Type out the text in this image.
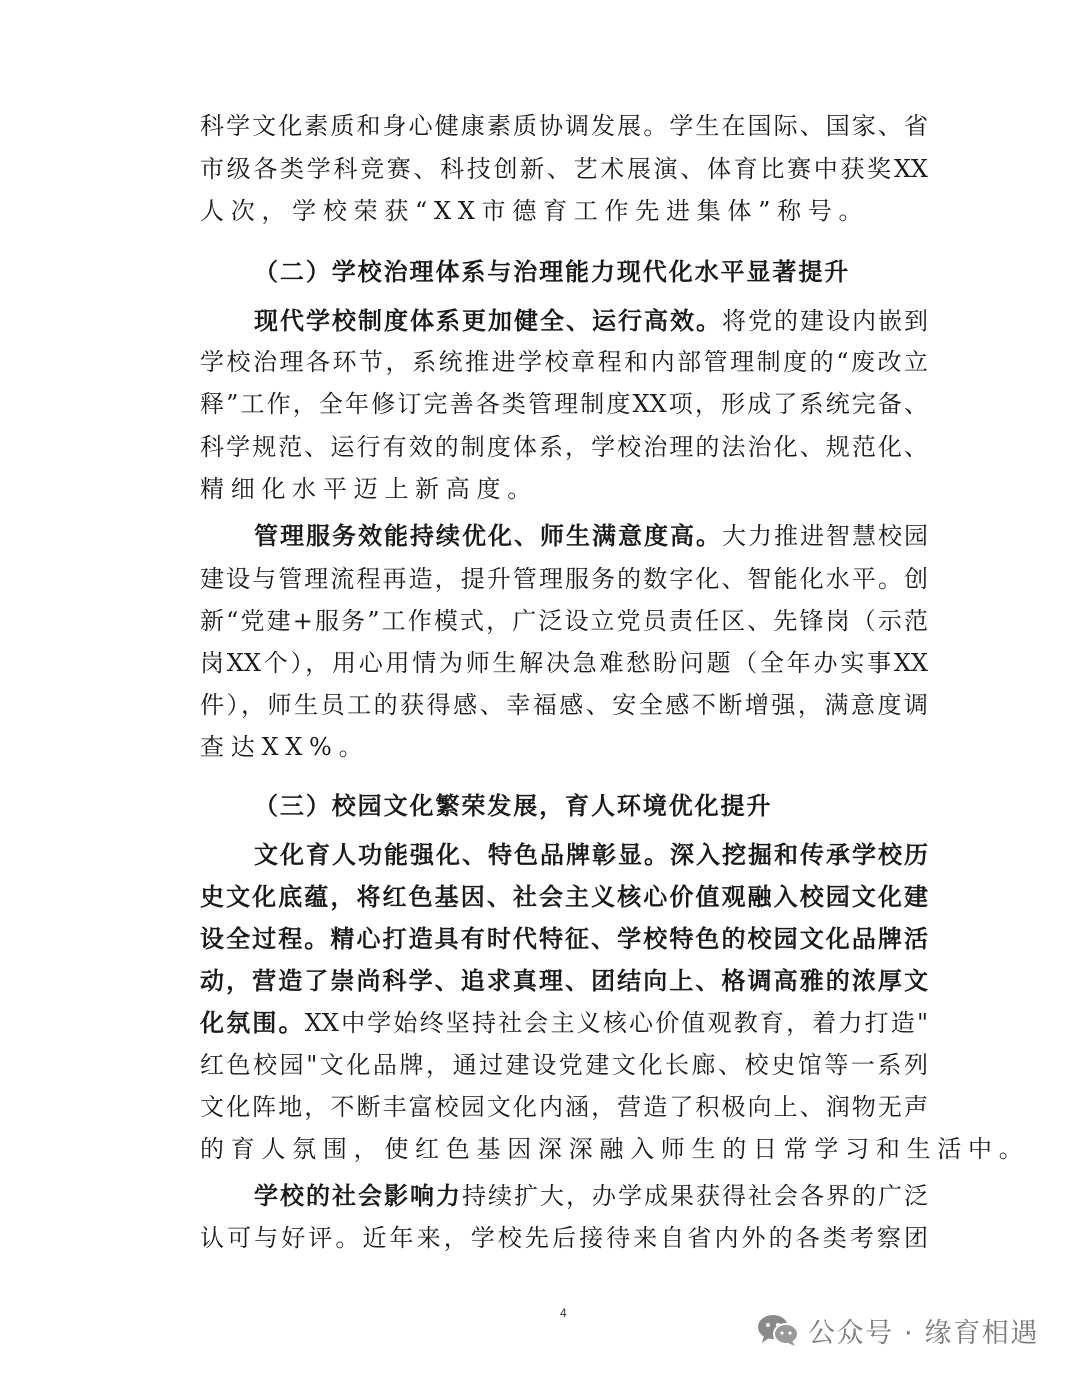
科学文化素质和身心健康素质协调发展。学生在国际、国家、省
市级各类学科竞赛、科技创新、艺术展演、体育比赛中获奖XX
人次，学校荣获“XX市德育工作先进集体”称号。
（二）学校治理体系与治理能力现代化水平显著提升
现代学校制度体系更加健全、运行高效。将党的建设内嵌到
学校治理各环节，系统推进学校章程和内部管理制度的“废改立
释”工作，全年修订完善各类管理制度XX项，形成了系统完备、
科学规范、运行有效的制度体系，学校治理的法治化、规范化、
精细化水平迈上新高度。
管理服务效能持续优化、师生满意度高。大力推进智慧校园
建设与管理流程再造，提升管理服务的数字化、智能化水平。创
新“党建+服务”工作模式，广泛设立党员责任区、先锋岗（示范
岗XX个），用心用情为师生解决急难愁盼问题（全年办实事XX
件），师生员工的获得感、幸福感、安全感不断增强，满意度调
查达XX%。
（三）校园文化繁荣发展，育人环境优化提升
文化育人功能强化、特色品牌彰显。深入挖掘和传承学校历
史文化底蕴，将红色基因、社会主义核心价值观融入校园文化建
设全过程。精心打造具有时代特征、学校特色的校园文化品牌活
动，营造了崇尚科学、追求真理、团结向上、格调高雅的浓厚文
化氛围。XX中学始终坚持社会主义核心价值观教育，着力打造"
红色校园"文化品牌，通过建设党建文化长廊、校史馆等一系列
文化阵地，不断丰富校园文化内涵，营造了积极向上、润物无声
的育人氛围，使红色基因深深融入师生的日常学习和生活中。
学校的社会影响力持续扩大，办学成果获得社会各界的广泛
认可与好评。近年来，学校先后接待来自省内外的各类考察团
4
公众号 · 缘育相遇
